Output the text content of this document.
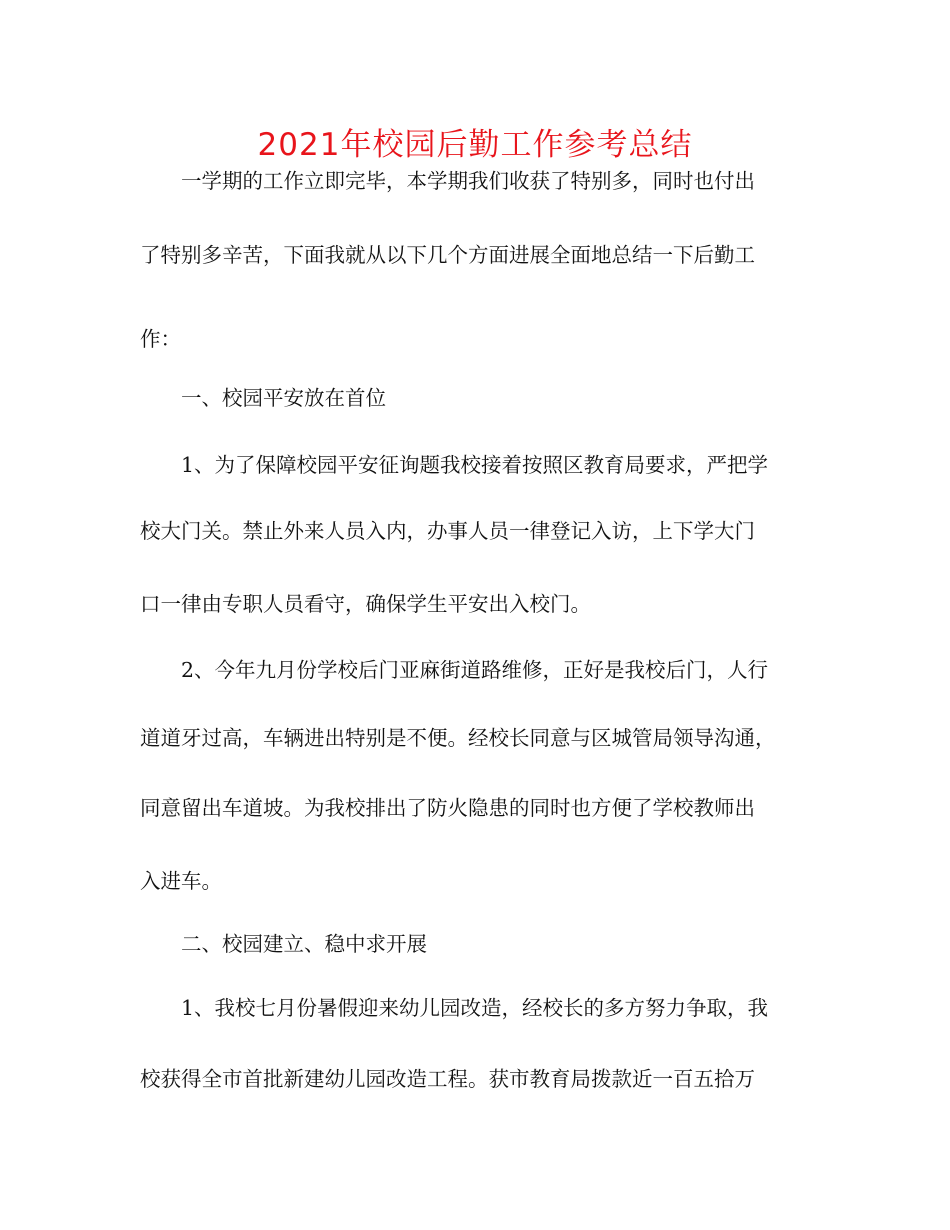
2021年校园后勤工作参考总结
　　一学期的工作立即完毕，本学期我们收获了特别多，同时也付出
了特别多辛苦，下面我就从以下几个方面进展全面地总结一下后勤工
作：
　　一、校园平安放在首位
　　1、为了保障校园平安征询题我校接着按照区教育局要求，严把学
校大门关。禁止外来人员入内，办事人员一律登记入访，上下学大门
口一律由专职人员看守，确保学生平安出入校门。
　　2、今年九月份学校后门亚麻街道路维修，正好是我校后门，人行
道道牙过高，车辆进出特别是不便。经校长同意与区城管局领导沟通，
同意留出车道坡。为我校排出了防火隐患的同时也方便了学校教师出
入进车。
　　二、校园建立、稳中求开展
　　1、我校七月份暑假迎来幼儿园改造，经校长的多方努力争取，我
校获得全市首批新建幼儿园改造工程。获市教育局拨款近一百五拾万
